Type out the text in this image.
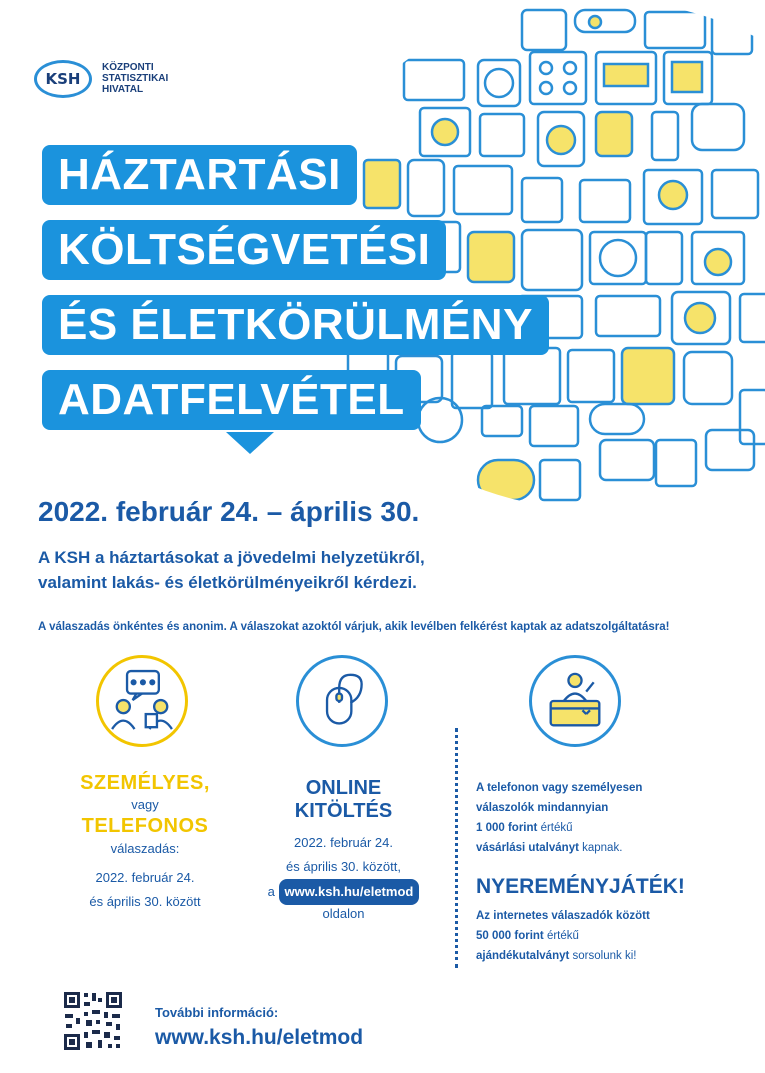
KSH
KÖZPONTI
STATISZTIKAI
HIVATAL
HÁZTARTÁSI
KÖLTSÉGVETÉSI
ÉS ÉLETKÖRÜLMÉNY
ADATFELVÉTEL
2022. február 24. – április 30.
A KSH a háztartásokat a jövedelmi helyzetükről,
valamint lakás- és életkörülményeikről kérdezi.
A válaszadás önkéntes és anonim. A válaszokat azoktól várjuk, akik levélben felkérést kaptak az adatszolgáltatásra!
SZEMÉLYES,
vagy
TELEFONOS
válaszadás:
2022. február 24.
és április 30. között
ONLINE
KITÖLTÉS
2022. február 24.
és április 30. között,
a www.ksh.hu/eletmod
oldalon
A telefonon vagy személyesen
válaszolók mindannyian
1 000 forint értékű
vásárlási utalványt kapnak.
NYEREMÉNYJÁTÉK!
Az internetes válaszadók között
50 000 forint értékű
ajándékutalványt sorsolunk ki!
További információ:
www.ksh.hu/eletmod
